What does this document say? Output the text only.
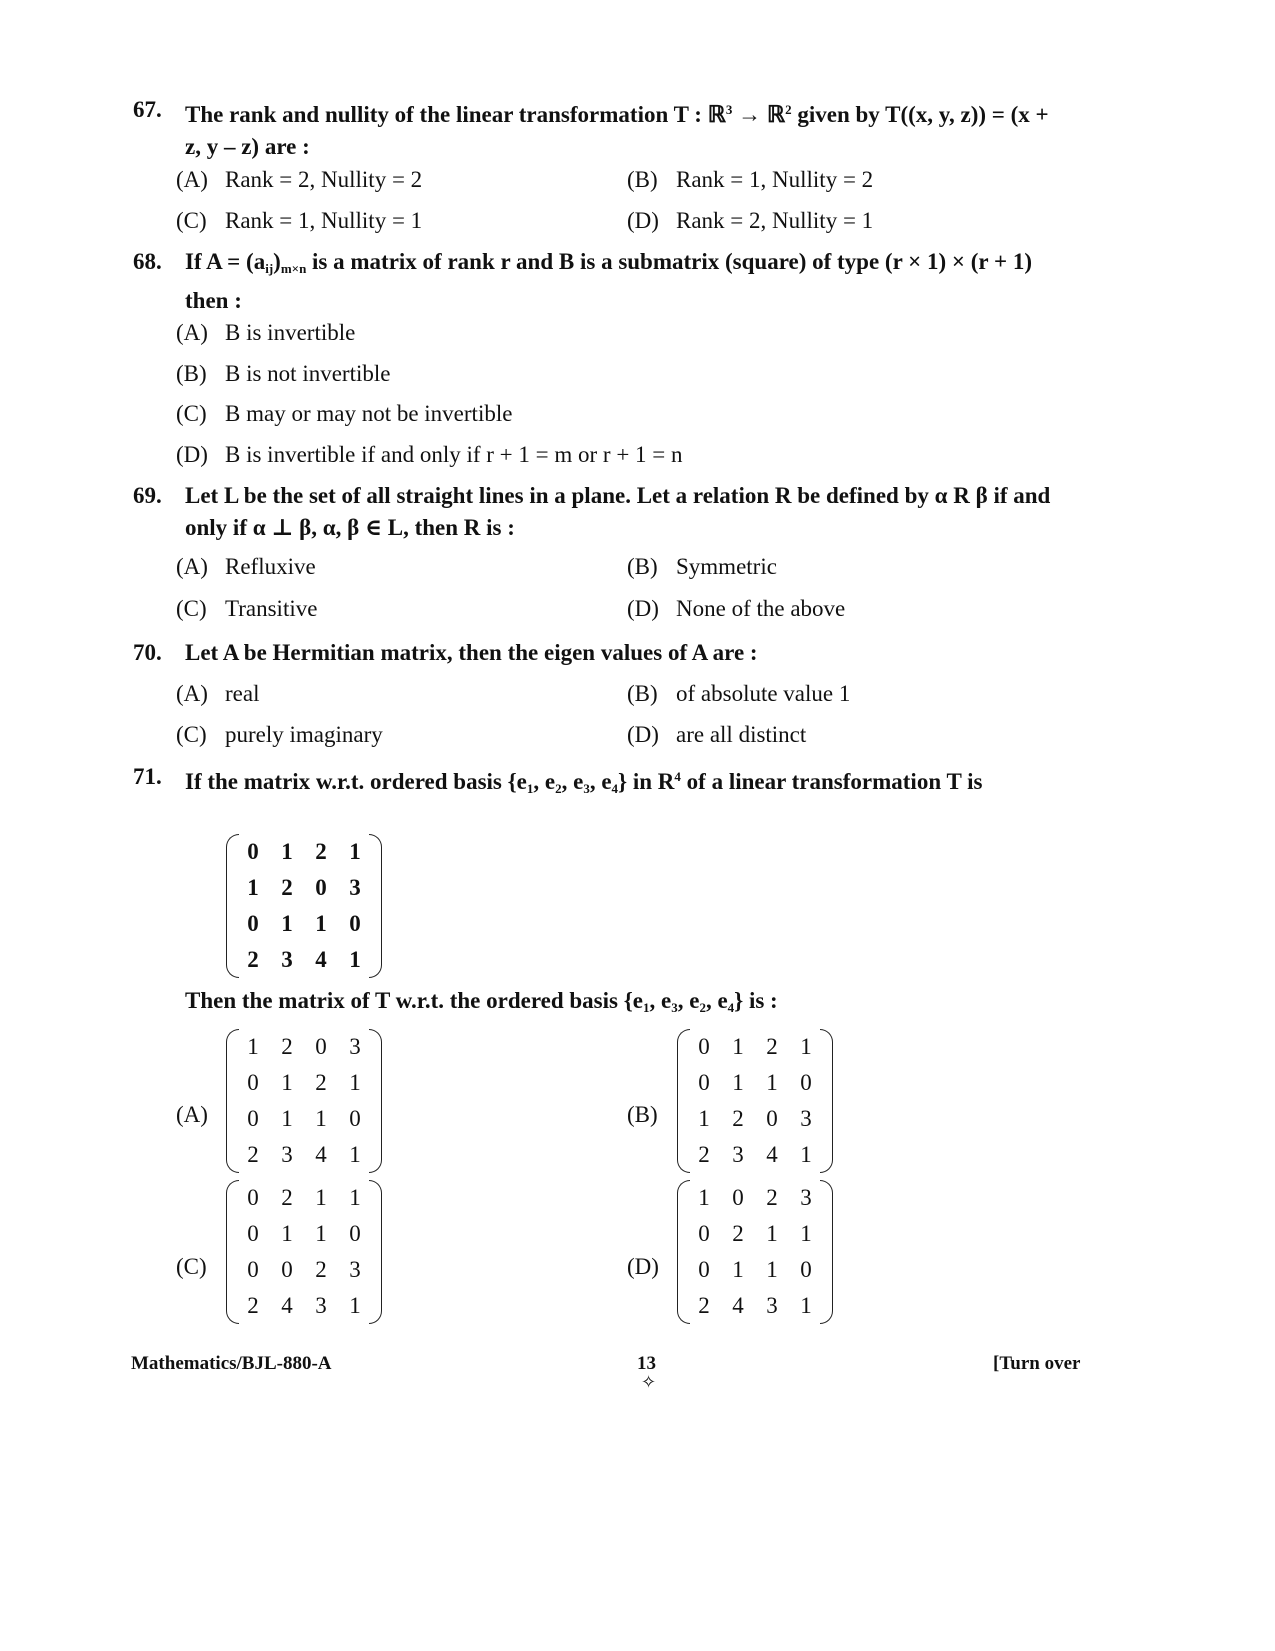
67.	The rank and nullity of the linear transformation T : ℝ$^3$ → ℝ$^2$ given by T((x, y, z)) = (x + z, y – z) are :
(A) Rank = 2, Nullity = 2	(B) Rank = 1, Nullity = 2
(C) Rank = 1, Nullity = 1	(D) Rank = 2, Nullity = 1
68.	If $A = (a_{ij})_{m\times n}$ is a matrix of rank r and B is a submatrix (square) of type (r × 1) × (r + 1) then :
(A) B is invertible
(B) B is not invertible
(C) B may or may not be invertible
(D) B is invertible if and only if r + 1 = m or r + 1 = n
69.	Let L be the set of all straight lines in a plane. Let a relation R be defined by α R β if and only if α ⊥ β, α, β ∈ L, then R is :
(A) Refluxive	(B) Symmetric
(C) Transitive	(D) None of the above
70.	Let A be Hermitian matrix, then the eigen values of A are :
(A) real	(B) of absolute value 1
(C) purely imaginary	(D) are all distinct
71.	If the matrix w.r.t. ordered basis {$e_1$, $e_2$, $e_3$, $e_4$} in $R^4$ of a linear transformation T is
0 1 2 1
1 2 0 3
0 1 1 0
2 3 4 1
Then the matrix of T w.r.t. the ordered basis {$e_1$, $e_3$, $e_2$, $e_4$} is :
(A)
1 2 0 3
0 1 2 1
0 1 1 0
2 3 4 1
(B)
0 1 2 1
0 1 1 0
1 2 0 3
2 3 4 1
(C)
0 2 1 1
0 1 1 0
0 0 2 3
2 4 3 1
(D)
1 0 2 3
0 2 1 1
0 1 1 0
2 4 3 1
Mathematics/BJL-880-A	13	[Turn over
✧
